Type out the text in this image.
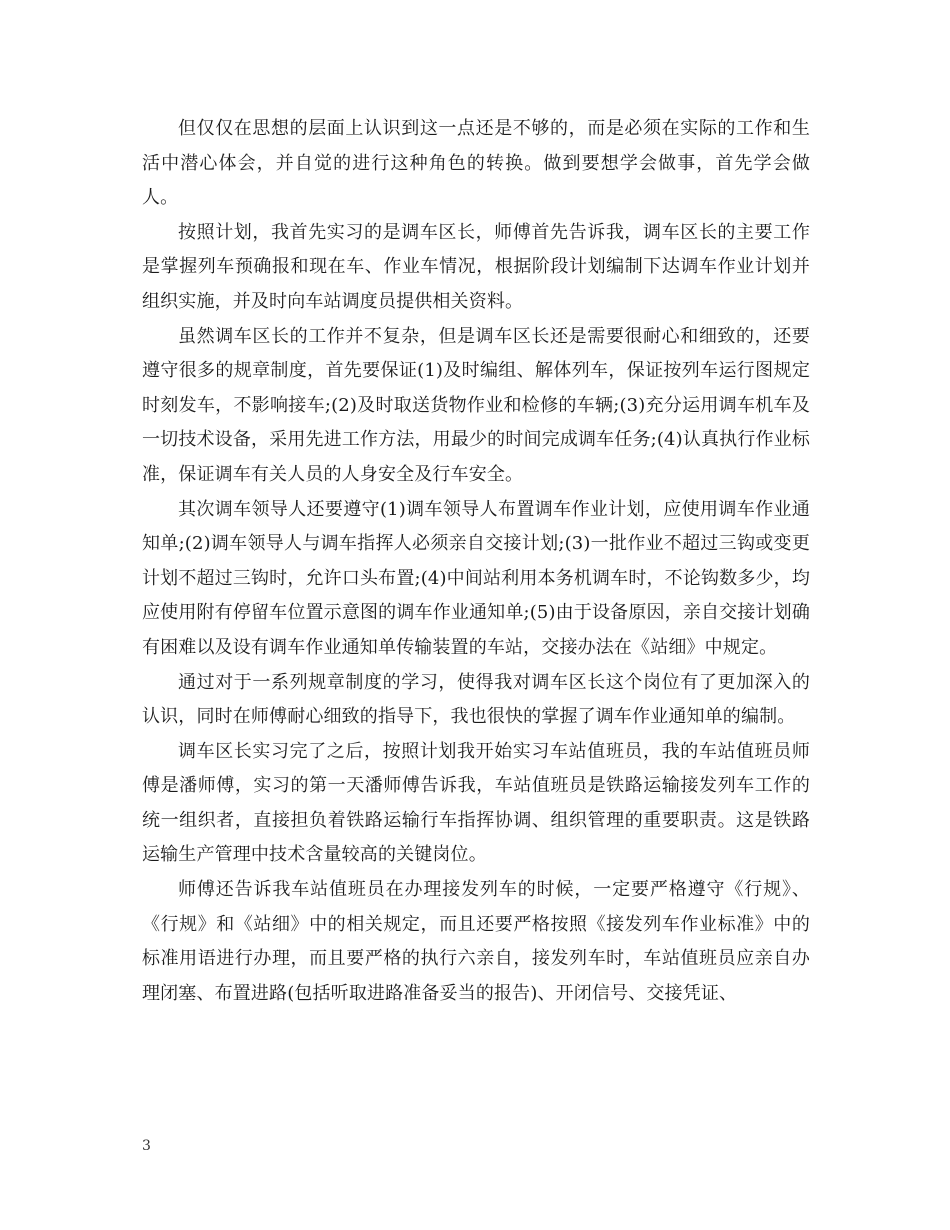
但仅仅在思想的层面上认识到这一点还是不够的，而是必须在实际的工作和生活中潜心体会，并自觉的进行这种角色的转换。做到要想学会做事，首先学会做人。

按照计划，我首先实习的是调车区长，师傅首先告诉我，调车区长的主要工作是掌握列车预确报和现在车、作业车情况，根据阶段计划编制下达调车作业计划并组织实施，并及时向车站调度员提供相关资料。

虽然调车区长的工作并不复杂，但是调车区长还是需要很耐心和细致的，还要遵守很多的规章制度，首先要保证(1)及时编组、解体列车，保证按列车运行图规定时刻发车，不影响接车;(2)及时取送货物作业和检修的车辆;(3)充分运用调车机车及一切技术设备，采用先进工作方法，用最少的时间完成调车任务;(4)认真执行作业标准，保证调车有关人员的人身安全及行车安全。

其次调车领导人还要遵守(1)调车领导人布置调车作业计划，应使用调车作业通知单;(2)调车领导人与调车指挥人必须亲自交接计划;(3)一批作业不超过三钩或变更计划不超过三钩时，允许口头布置;(4)中间站利用本务机调车时，不论钩数多少，均应使用附有停留车位置示意图的调车作业通知单;(5)由于设备原因，亲自交接计划确有困难以及设有调车作业通知单传输装置的车站，交接办法在《站细》中规定。

通过对于一系列规章制度的学习，使得我对调车区长这个岗位有了更加深入的认识，同时在师傅耐心细致的指导下，我也很快的掌握了调车作业通知单的编制。

调车区长实习完了之后，按照计划我开始实习车站值班员，我的车站值班员师傅是潘师傅，实习的第一天潘师傅告诉我，车站值班员是铁路运输接发列车工作的统一组织者，直接担负着铁路运输行车指挥协调、组织管理的重要职责。这是铁路运输生产管理中技术含量较高的关键岗位。

师傅还告诉我车站值班员在办理接发列车的时候，一定要严格遵守《行规》、《行规》和《站细》中的相关规定，而且还要严格按照《接发列车作业标准》中的标准用语进行办理，而且要严格的执行六亲自，接发列车时，车站值班员应亲自办理闭塞、布置进路(包括听取进路准备妥当的报告)、开闭信号、交接凭证、

3
